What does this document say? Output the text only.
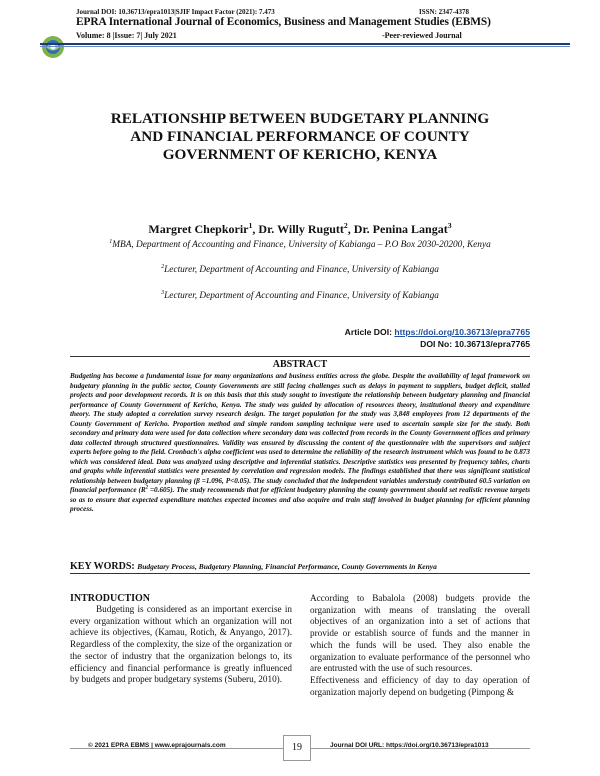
Journal DOI: 10.36713/epra1013|SJIF Impact Factor (2021): 7.473	ISSN: 2347-4378
EPRA International Journal of Economics, Business and Management Studies (EBMS)
Volume: 8 |Issue: 7| July 2021	-Peer-reviewed Journal
RELATIONSHIP BETWEEN BUDGETARY PLANNING
AND FINANCIAL PERFORMANCE OF COUNTY
GOVERNMENT OF KERICHO, KENYA
Margret Chepkorir$^1$, Dr. Willy Rugutt$^2$, Dr. Penina Langat$^3$
$^1$MBA, Department of Accounting and Finance, University of Kabianga – P.O Box 2030-20200, Kenya
$^2$Lecturer, Department of Accounting and Finance, University of Kabianga
$^3$Lecturer, Department of Accounting and Finance, University of Kabianga
Article DOI: https://doi.org/10.36713/epra7765
DOI No: 10.36713/epra7765
ABSTRACT
Budgeting has become a fundamental issue for many organizations and business entities across the globe. Despite the availability of legal framework on budgetary planning in the public sector, County Governments are still facing challenges such as delays in payment to suppliers, budget deficit, stalled projects and poor development records. It is on this basis that this study sought to investigate the relationship between budgetary planning and financial performance of County Government of Kericho, Kenya. The study was guided by allocation of resources theory, institutional theory and expenditure theory. The study adopted a correlation survey research design. The target population for the study was 3,848 employees from 12 departments of the County Government of Kericho. Proportion method and simple random sampling technique were used to ascertain sample size for the study. Both secondary and primary data were used for data collection where secondary data was collected from records in the County Government offices and primary data collected through structured questionnaires. Validity was ensured by discussing the content of the questionnaire with the supervisors and subject experts before going to the field. Cronbach's alpha coefficient was used to determine the reliability of the research instrument which was found to be 0.873 which was considered ideal. Data was analyzed using descriptive and inferential statistics. Descriptive statistics was presented by frequency tables, charts and graphs while inferential statistics were presented by correlation and regression models. The findings established that there was significant statistical relationship between budgetary planning (β =1.096, P<0.05). The study concluded that the independent variables understudy contributed 60.5 variation on financial performance $(R^2 =0.605)$. The study recommends that for efficient budgetary planning the county government should set realistic revenue targets so as to ensure that expected expenditure matches expected incomes and also acquire and train staff involved in budget planning for efficient planning process.
KEY WORDS: Budgetary Process, Budgetary Planning, Financial Performance, County Governments in Kenya
INTRODUCTION

Budgeting is considered as an important exercise in every organization without which an organization will not achieve its objectives, (Kamau, Rotich, & Anyango, 2017). Regardless of the complexity, the size of the organization or the sector of industry that the organization belongs to, its efficiency and financial performance is greatly influenced by budgets and proper budgetary systems (Suberu, 2010).

According to Babalola (2008) budgets provide the organization with means of translating the overall objectives of an organization into a set of actions that provide or establish source of funds and the manner in which the funds will be used. They also enable the organization to evaluate performance of the personnel who are entrusted with the use of such resources.

Effectiveness and efficiency of day to day operation of organization majorly depend on budgeting (Pimpong &

© 2021 EPRA EBMS | www.eprajournals.com	19	Journal DOI URL: https://doi.org/10.36713/epra1013
